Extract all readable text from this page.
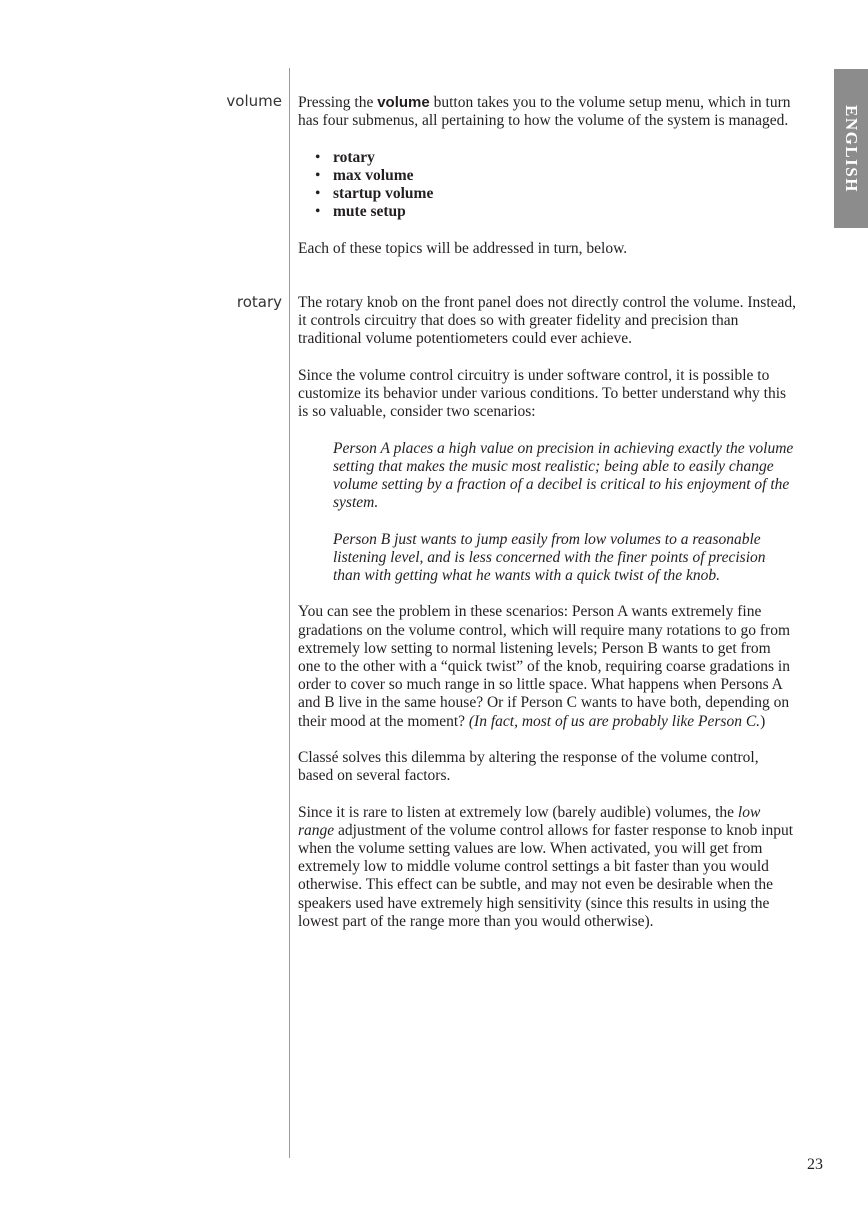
ENGLISH
volume Pressing the volume button takes you to the volume setup menu, which in turn has four submenus, all pertaining to how the volume of the system is managed.

• rotary
• max volume
• startup volume
• mute setup

Each of these topics will be addressed in turn, below.

rotary The rotary knob on the front panel does not directly control the volume. Instead, it controls circuitry that does so with greater fidelity and precision than traditional volume potentiometers could ever achieve.

Since the volume control circuitry is under software control, it is possible to customize its behavior under various conditions. To better understand why this is so valuable, consider two scenarios:

Person A places a high value on precision in achieving exactly the volume setting that makes the music most realistic; being able to easily change volume setting by a fraction of a decibel is critical to his enjoyment of the system.

Person B just wants to jump easily from low volumes to a reasonable listening level, and is less concerned with the finer points of precision than with getting what he wants with a quick twist of the knob.

You can see the problem in these scenarios: Person A wants extremely fine gradations on the volume control, which will require many rotations to go from extremely low setting to normal listening levels; Person B wants to get from one to the other with a “quick twist” of the knob, requiring coarse gradations in order to cover so much range in so little space. What happens when Persons A and B live in the same house? Or if Person C wants to have both, depending on their mood at the moment? (In fact, most of us are probably like Person C.)

Classé solves this dilemma by altering the response of the volume control, based on several factors.

Since it is rare to listen at extremely low (barely audible) volumes, the low range adjustment of the volume control allows for faster response to knob input when the volume setting values are low. When activated, you will get from extremely low to middle volume control settings a bit faster than you would otherwise. This effect can be subtle, and may not even be desirable when the speakers used have extremely high sensitivity (since this results in using the lowest part of the range more than you would otherwise).

23
